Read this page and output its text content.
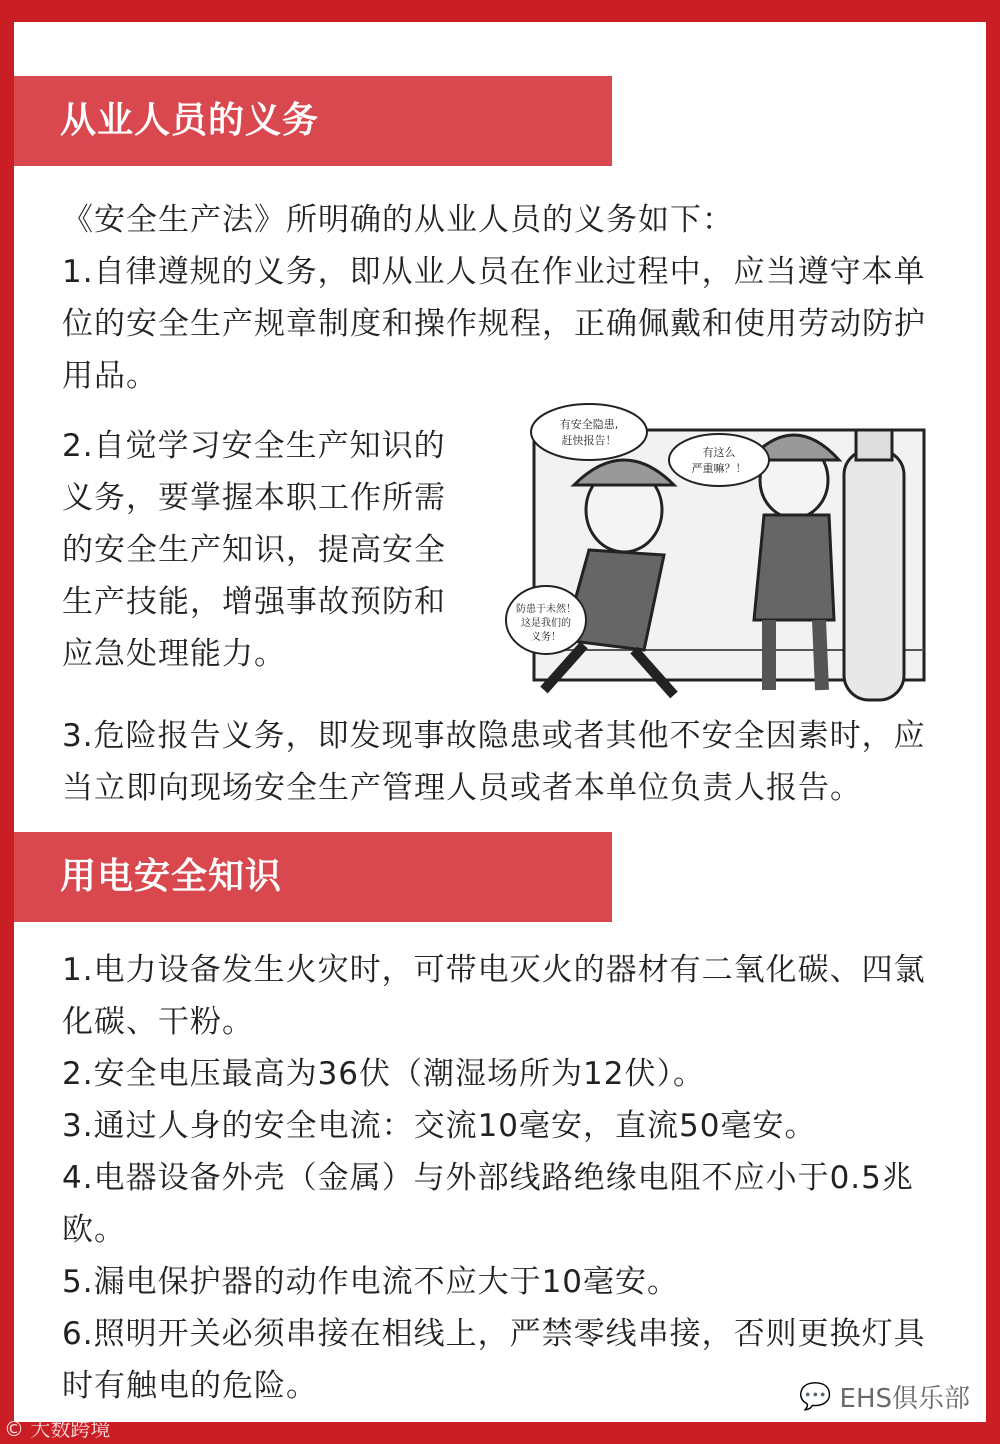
从业人员的义务

《安全生产法》所明确的从业人员的义务如下：

1.自律遵规的义务，即从业人员在作业过程中，应当遵守本单位的安全生产规章制度和操作规程，正确佩戴和使用劳动防护用品。

2.自觉学习安全生产知识的义务，要掌握本职工作所需的安全生产知识，提高安全生产技能，增强事故预防和应急处理能力。
有安全隐患,
赶快报告！
有这么
严重嘛？！
防患于未然！
这是我们的
义务！
3.危险报告义务，即发现事故隐患或者其他不安全因素时，应当立即向现场安全生产管理人员或者本单位负责人报告。
用电安全知识

1.电力设备发生火灾时，可带电灭火的器材有二氧化碳、四氯化碳、干粉。

2.安全电压最高为36伏（潮湿场所为12伏）。

3.通过人身的安全电流：交流10毫安，直流50毫安。

4.电器设备外壳（金属）与外部线路绝缘电阻不应小于0.5兆欧。

5.漏电保护器的动作电流不应大于10毫安。

6.照明开关必须串接在相线上，严禁零线串接，否则更换灯具时有触电的危险。	💬 EHS俱乐部
© 大数跨境
